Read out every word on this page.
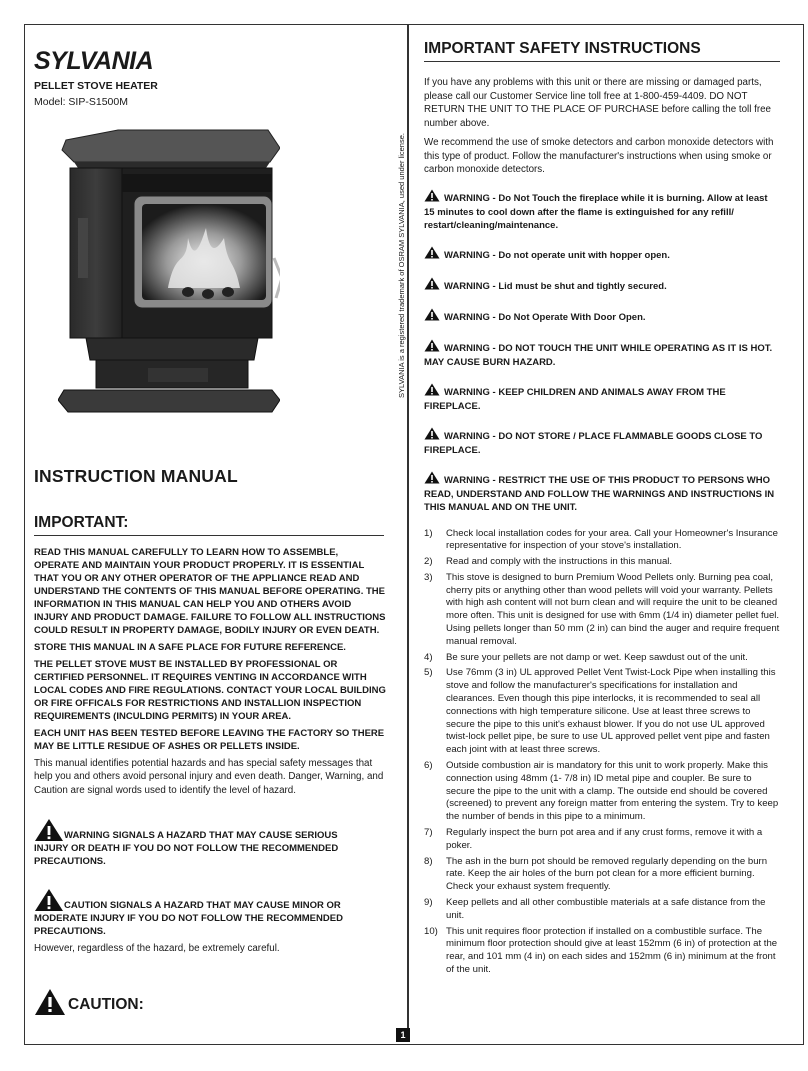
SYLVANIA
PELLET STOVE HEATER
Model: SIP-S1500M
SYLVANIA is a registered trademark of OSRAM SYLVANIA, used under license.
INSTRUCTION MANUAL
IMPORTANT:

READ THIS MANUAL CAREFULLY TO LEARN HOW TO ASSEMBLE, OPERATE AND MAINTAIN YOUR PRODUCT PROPERLY. IT IS ESSENTIAL THAT YOU OR ANY OTHER OPERATOR OF THE APPLIANCE READ AND UNDERSTAND THE CONTENTS OF THIS MANUAL BEFORE OPERATING. THE INFORMATION IN THIS MANUAL CAN HELP YOU AND OTHERS AVOID INJURY AND PRODUCT DAMAGE. FAILURE TO FOLLOW ALL INSTRUCTIONS COULD RESULT IN PROPERTY DAMAGE, BODILY INJURY OR EVEN DEATH.

STORE THIS MANUAL IN A SAFE PLACE FOR FUTURE REFERENCE.

THE PELLET STOVE MUST BE INSTALLED BY PROFESSIONAL OR CERTIFIED PERSONNEL. IT REQUIRES VENTING IN ACCORDANCE WITH LOCAL CODES AND FIRE REGULATIONS. CONTACT YOUR LOCAL BUILDING OR FIRE OFFICALS FOR RESTRICTIONS AND INSTALLION INSPECTION REQUIREMENTS (INCULDING PERMITS) IN YOUR AREA.

EACH UNIT HAS BEEN TESTED BEFORE LEAVING THE FACTORY SO THERE MAY BE LITTLE RESIDUE OF ASHES OR PELLETS INSIDE.

This manual identifies potential hazards and has special safety messages that help you and others avoid personal injury and even death. Danger, Warning, and Caution are signal words used to identify the level of hazard.

WARNING SIGNALS A HAZARD THAT MAY CAUSE SERIOUS INJURY OR DEATH IF YOU DO NOT FOLLOW THE RECOMMENDED PRECAUTIONS.
CAUTION SIGNALS A HAZARD THAT MAY CAUSE MINOR OR MODERATE INJURY IF YOU DO NOT FOLLOW THE RECOMMENDED PRECAUTIONS.
However, regardless of the hazard, be extremely careful.
CAUTION:
IMPORTANT SAFETY INSTRUCTIONS

If you have any problems with this unit or there are missing or damaged parts, please call our Customer Service line toll free at 1-800-459-4409. DO NOT RETURN THE UNIT TO THE PLACE OF PURCHASE before calling the toll free number above.

We recommend the use of smoke detectors and carbon monoxide detectors with this type of product. Follow the manufacturer's instructions when using smoke or carbon monoxide detectors.

WARNING - Do Not Touch the fireplace while it is burning. Allow at least 15 minutes to cool down after the flame is extinguished for any refill/ restart/cleaning/maintenance.

WARNING - Do not operate unit with hopper open.

WARNING - Lid must be shut and tightly secured.

WARNING - Do Not Operate With Door Open.

WARNING - DO NOT TOUCH THE UNIT WHILE OPERATING AS IT IS HOT. MAY CAUSE BURN HAZARD.

WARNING - KEEP CHILDREN AND ANIMALS AWAY FROM THE FIREPLACE.

WARNING - DO NOT STORE / PLACE FLAMMABLE GOODS CLOSE TO FIREPLACE.

WARNING - RESTRICT THE USE OF THIS PRODUCT TO PERSONS WHO READ, UNDERSTAND AND FOLLOW THE WARNINGS AND INSTRUCTIONS IN THIS MANUAL AND ON THE UNIT.

1) Check local installation codes for your area. Call your Homeowner's Insurance representative for inspection of your stove's installation.
2) Read and comply with the instructions in this manual.
3) This stove is designed to burn Premium Wood Pellets only. Burning pea coal, cherry pits or anything other than wood pellets will void your warranty. Pellets with high ash content will not burn clean and will require the unit to be cleaned more often. This unit is designed for use with 6mm (1/4 in) diameter pellet fuel. Using pellets longer than 50 mm (2 in) can bind the auger and require frequent manual removal.
4) Be sure your pellets are not damp or wet. Keep sawdust out of the unit.
5) Use 76mm (3 in) UL approved Pellet Vent Twist-Lock Pipe when installing this stove and follow the manufacturer's specifications for installation and clearances. Even though this pipe interlocks, it is recommended to seal all connections with high temperature silicone. Use at least three screws to secure the pipe to this unit's exhaust blower. If you do not use UL approved twist-lock pellet pipe, be sure to use UL approved pellet vent pipe and fasten each joint with at least three screws.
6) Outside combustion air is mandatory for this unit to work properly. Make this connection using 48mm (1- 7/8 in) ID metal pipe and coupler. Be sure to secure the pipe to the unit with a clamp. The outside end should be covered (screened) to prevent any foreign matter from entering the system. Try to keep the number of bends in this pipe to a minimum.
7) Regularly inspect the burn pot area and if any crust forms, remove it with a poker.
8) The ash in the burn pot should be removed regularly depending on the burn rate. Keep the air holes of the burn pot clean for a more efficient burning. Check your exhaust system frequently.
9) Keep pellets and all other combustible materials at a safe distance from the unit.
10) This unit requires floor protection if installed on a combustible surface. The minimum floor protection should give at least 152mm (6 in) of protection at the rear, and 101 mm (4 in) on each sides and 152mm (6 in) minimum at the front of the unit.
1
